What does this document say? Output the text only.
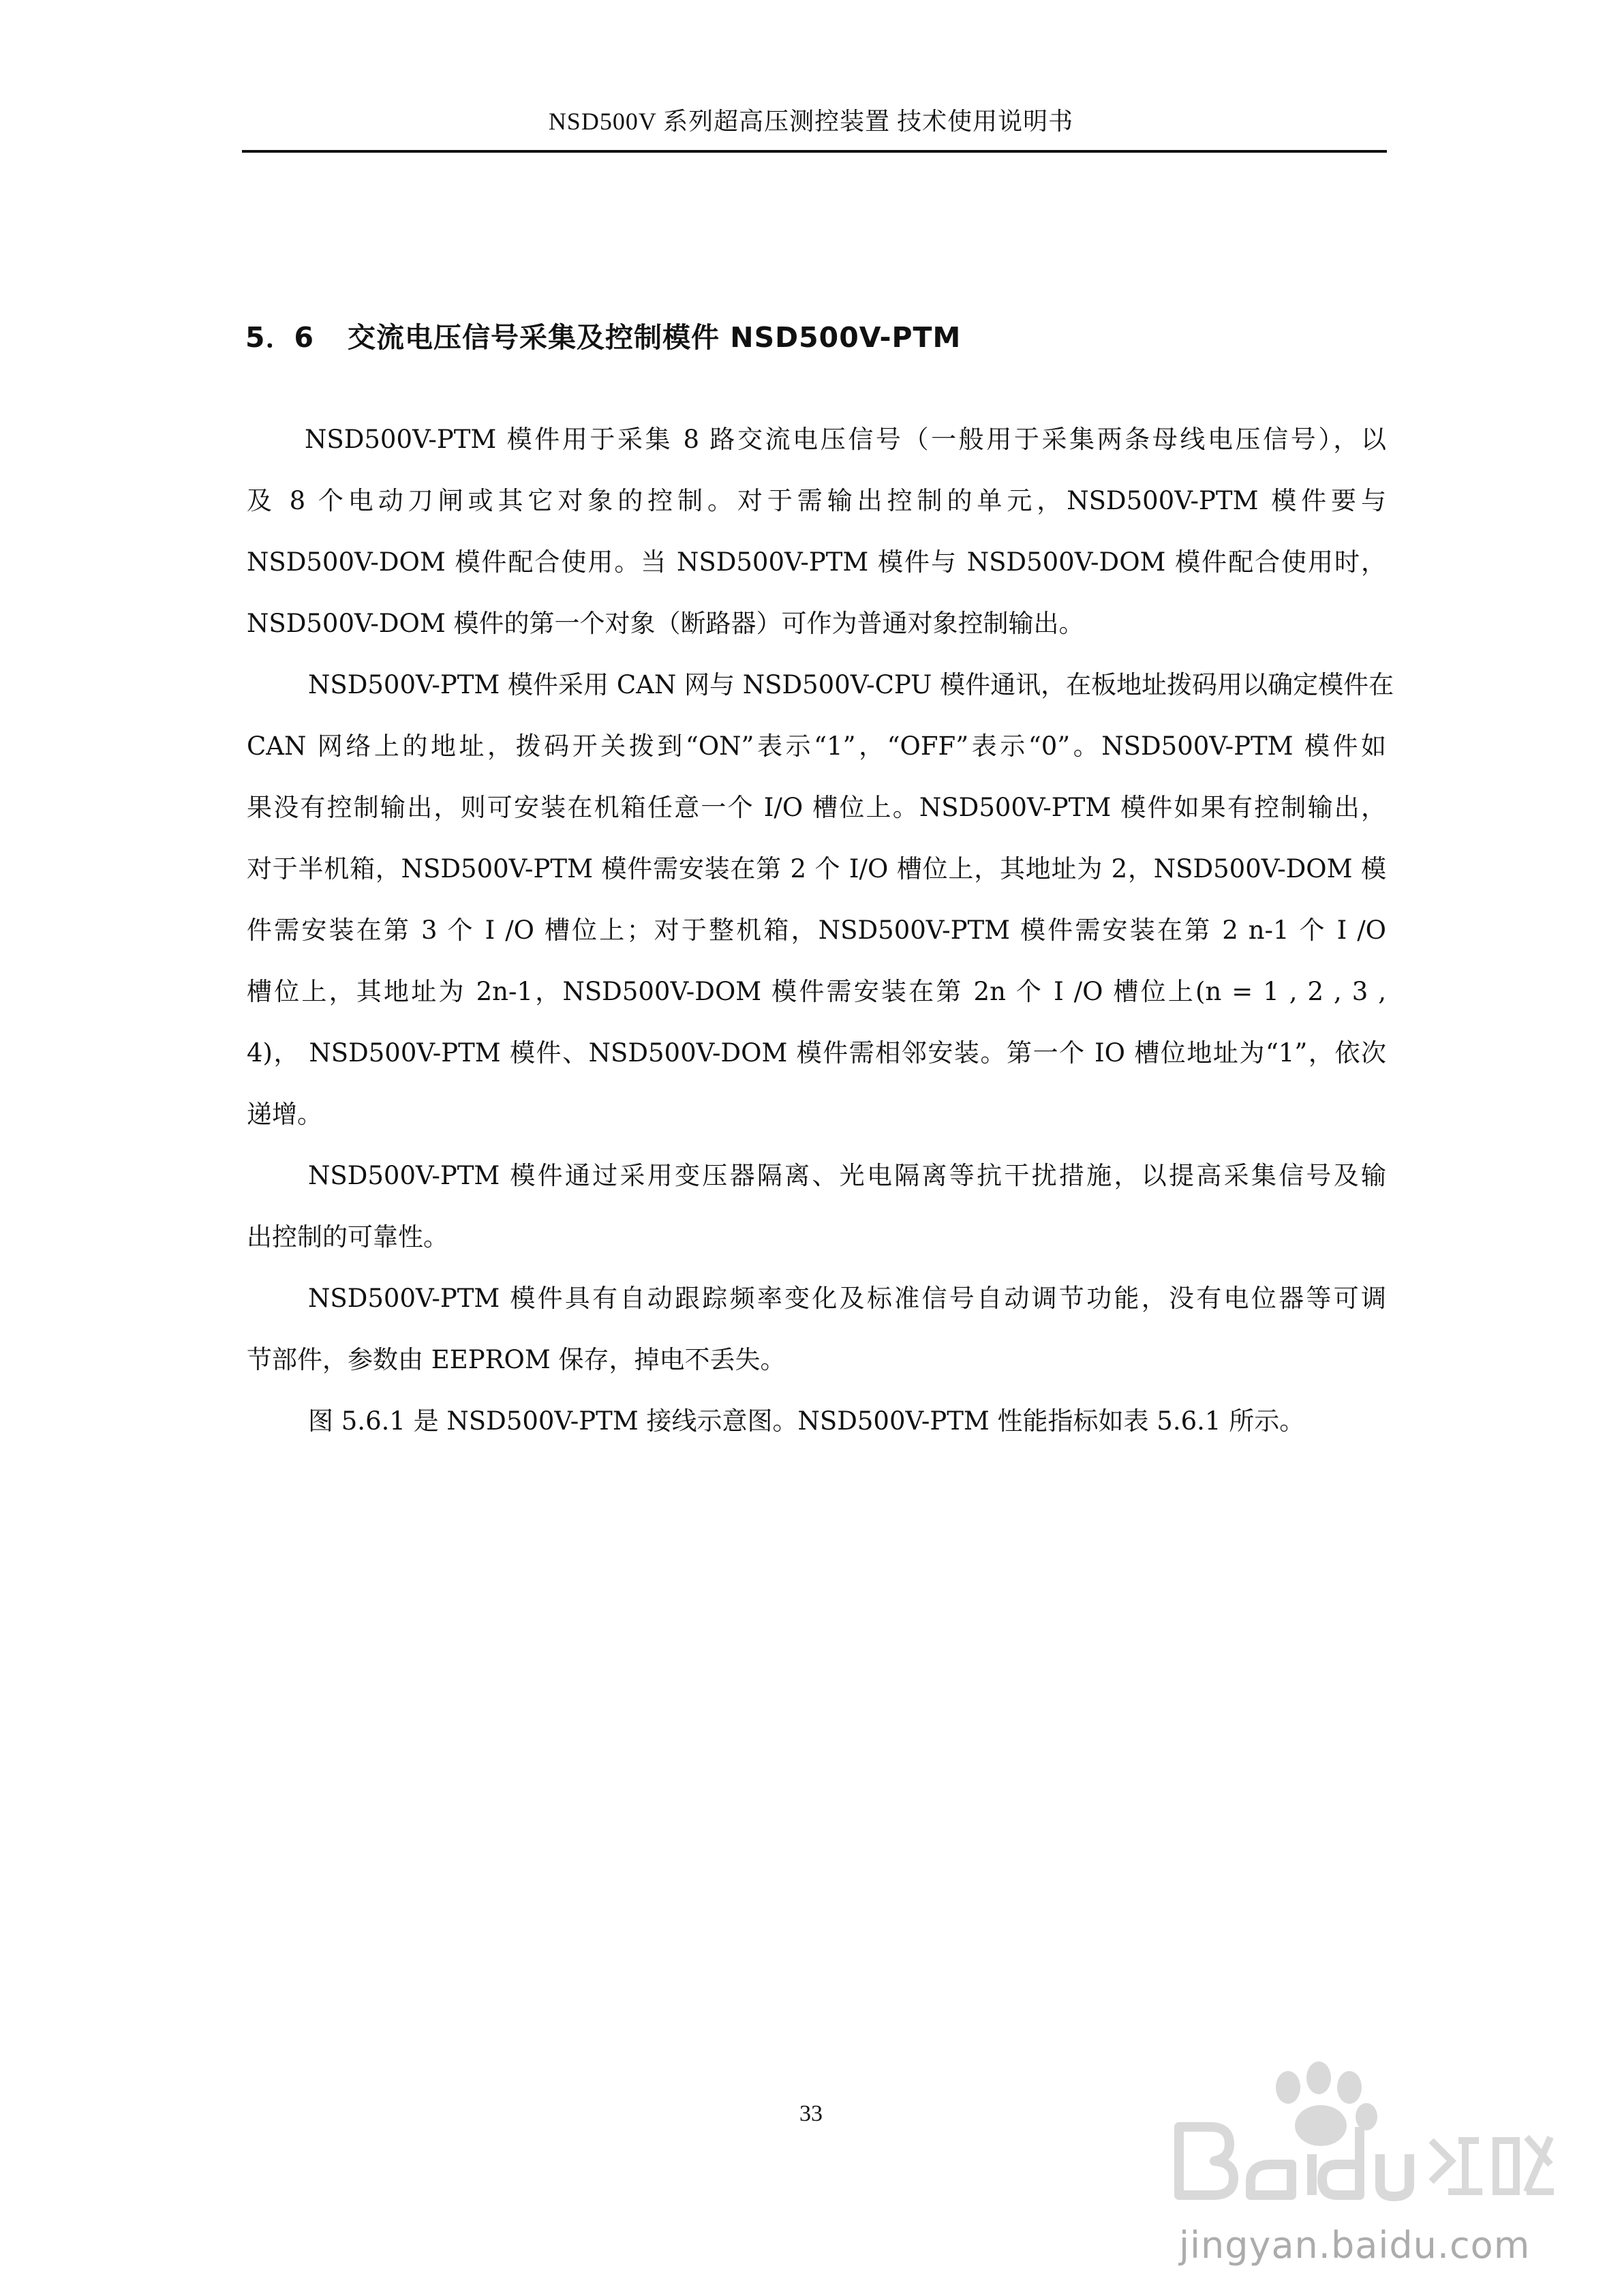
NSD500V 系列超高压测控装置 技术使用说明书
5．6 交流电压信号采集及控制模件 NSD500V-PTM
NSD500V-PTM 模件用于采集 8 路交流电压信号（一般用于采集两条母线电压信号），以
及 8 个电动刀闸或其它对象的控制。对于需输出控制的单元，NSD500V-PTM 模件要与
NSD500V-DOM 模件配合使用。当 NSD500V-PTM 模件与 NSD500V-DOM 模件配合使用时，
NSD500V-DOM 模件的第一个对象（断路器）可作为普通对象控制输出。
NSD500V-PTM 模件采用 CAN 网与 NSD500V-CPU 模件通讯，在板地址拨码用以确定模件在
CAN 网络上的地址，拨码开关拨到“ON”表示“1”，“OFF”表示“0”。NSD500V-PTM 模件如
果没有控制输出，则可安装在机箱任意一个 I/O 槽位上。NSD500V-PTM 模件如果有控制输出，
对于半机箱，NSD500V-PTM 模件需安装在第 2 个 I/O 槽位上，其地址为 2，NSD500V-DOM 模
件需安装在第 3 个 I /O 槽位上；对于整机箱，NSD500V-PTM 模件需安装在第 2 n-1 个 I /O
槽位上，其地址为 2n-1，NSD500V-DOM 模件需安装在第 2n 个 I /O 槽位上(n = 1 , 2 , 3 ,
4)， NSD500V-PTM 模件、NSD500V-DOM 模件需相邻安装。第一个 IO 槽位地址为“1”，依次
递增。
NSD500V-PTM 模件通过采用变压器隔离、光电隔离等抗干扰措施，以提高采集信号及输
出控制的可靠性。
NSD500V-PTM 模件具有自动跟踪频率变化及标准信号自动调节功能，没有电位器等可调
节部件，参数由 EEPROM 保存，掉电不丢失。
图 5.6.1 是 NSD500V-PTM 接线示意图。NSD500V-PTM 性能指标如表 5.6.1 所示。
33
jingyan.baidu.com
